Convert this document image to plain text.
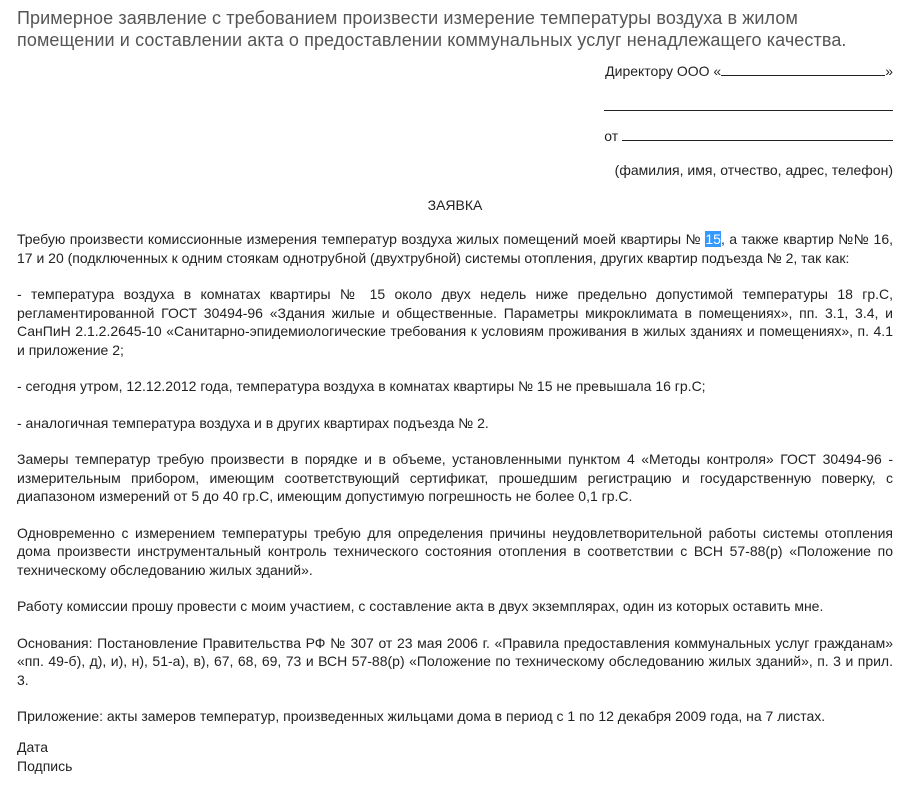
Примерное заявление с требованием произвести измерение температуры воздуха в жилом помещении и составлении акта о предоставлении коммунальных услуг ненадлежащего качества.
Директору ООО «	»
от
(фамилия, имя, отчество, адрес, телефон)
ЗАЯВКА

Требую произвести комиссионные измерения температур воздуха жилых помещений моей квартиры № 15, а также квартир №№ 16, 17 и 20 (подключенных к одним стоякам однотрубной (двухтрубной) системы отопления, других квартир подъезда № 2, так как:

- температура воздуха в комнатах квартиры № 15 около двух недель ниже предельно допустимой температуры 18 гр.С, регламентированной ГОСТ 30494-96 «Здания жилые и общественные. Параметры микроклимата в помещениях», пп. 3.1, 3.4, и СанПиН 2.1.2.2645-10 «Санитарно-эпидемиологические требования к условиям проживания в жилых зданиях и помещениях», п. 4.1 и приложение 2;

- сегодня утром, 12.12.2012 года, температура воздуха в комнатах квартиры № 15 не превышала 16 гр.С;

- аналогичная температура воздуха и в других квартирах подъезда № 2.

Замеры температур требую произвести в порядке и в объеме, установленными пунктом 4 «Методы контроля» ГОСТ 30494-96 - измерительным прибором, имеющим соответствующий сертификат, прошедшим регистрацию и государственную поверку, с диапазоном измерений от 5 до 40 гр.С, имеющим допустимую погрешность не более 0,1 гр.С.

Одновременно с измерением температуры требую для определения причины неудовлетворительной работы системы отопления дома произвести инструментальный контроль технического состояния отопления в соответствии с ВСН 57-88(р) «Положение по техническому обследованию жилых зданий».

Работу комиссии прошу провести с моим участием, с составление акта в двух экземплярах, один из которых оставить мне.

Основания: Постановление Правительства РФ № 307 от 23 мая 2006 г. «Правила предоставления коммунальных услуг гражданам» «пп. 49-б), д), и), н), 51-а), в), 67, 68, 69, 73 и ВСН 57-88(р) «Положение по техническому обследованию жилых зданий», п. 3 и прил. 3.

Приложение: акты замеров температур, произведенных жильцами дома в период с 1 по 12 декабря 2009 года, на 7 листах.

Дата
Подпись
